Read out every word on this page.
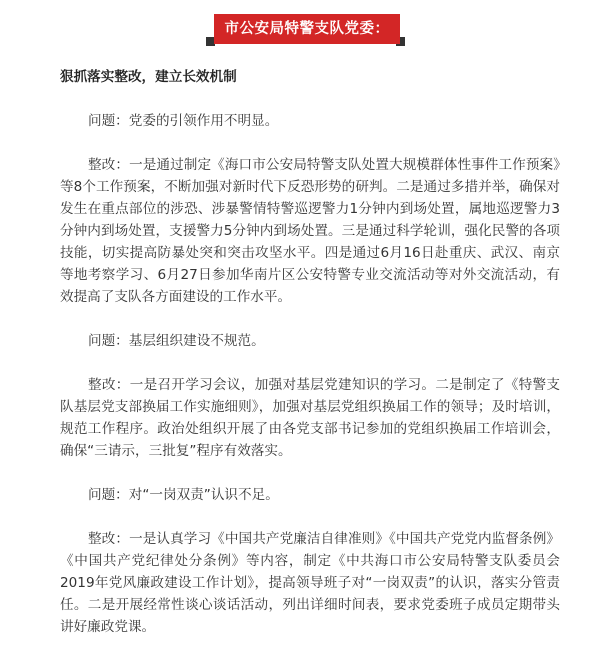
市公安局特警支队党委：

狠抓落实整改，建立长效机制

问题：党委的引领作用不明显。

整改：一是通过制定《海口市公安局特警支队处置大规模群体性事件工作预案》等8个工作预案，不断加强对新时代下反恐形势的研判。二是通过多措并举，确保对发生在重点部位的涉恐、涉暴警情特警巡逻警力1分钟内到场处置，属地巡逻警力3分钟内到场处置，支援警力5分钟内到场处置。三是通过科学轮训，强化民警的各项技能，切实提高防暴处突和突击攻坚水平。四是通过6月16日赴重庆、武汉、南京等地考察学习、6月27日参加华南片区公安特警专业交流活动等对外交流活动，有效提高了支队各方面建设的工作水平。

问题：基层组织建设不规范。

整改：一是召开学习会议，加强对基层党建知识的学习。二是制定了《特警支队基层党支部换届工作实施细则》，加强对基层党组织换届工作的领导；及时培训，规范工作程序。政治处组织开展了由各党支部书记参加的党组织换届工作培训会，确保“三请示，三批复”程序有效落实。

问题：对“一岗双责”认识不足。

整改：一是认真学习《中国共产党廉洁自律准则》《中国共产党党内监督条例》《中国共产党纪律处分条例》等内容，制定《中共海口市公安局特警支队委员会2019年党风廉政建设工作计划》，提高领导班子对“一岗双责”的认识，落实分管责任。二是开展经常性谈心谈话活动，列出详细时间表，要求党委班子成员定期带头讲好廉政党课。
